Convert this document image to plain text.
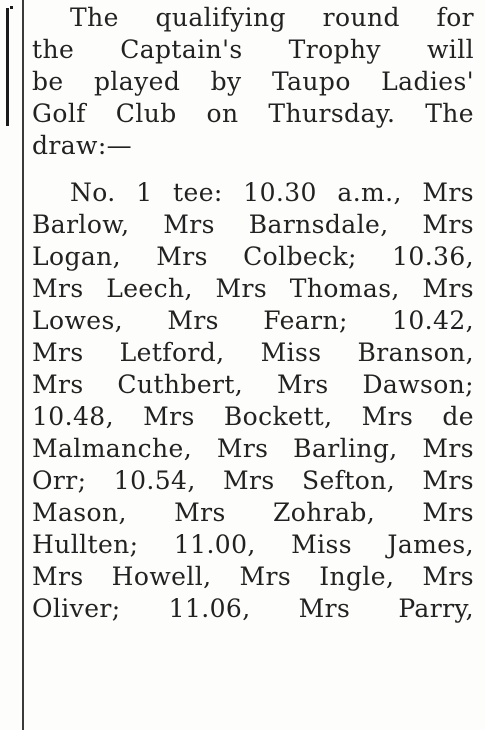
The qualifying round for
the Captain's Trophy will
be played by Taupo Ladies'
Golf Club on Thursday. The
draw:—
No. 1 tee: 10.30 a.m., Mrs
Barlow, Mrs Barnsdale, Mrs
Logan, Mrs Colbeck; 10.36,
Mrs Leech, Mrs Thomas, Mrs
Lowes, Mrs Fearn; 10.42,
Mrs Letford, Miss Branson,
Mrs Cuthbert, Mrs Dawson;
10.48, Mrs Bockett, Mrs de
Malmanche, Mrs Barling, Mrs
Orr; 10.54, Mrs Sefton, Mrs
Mason, Mrs Zohrab, Mrs
Hullten; 11.00, Miss James,
Mrs Howell, Mrs Ingle, Mrs
Oliver; 11.06, Mrs Parry,
